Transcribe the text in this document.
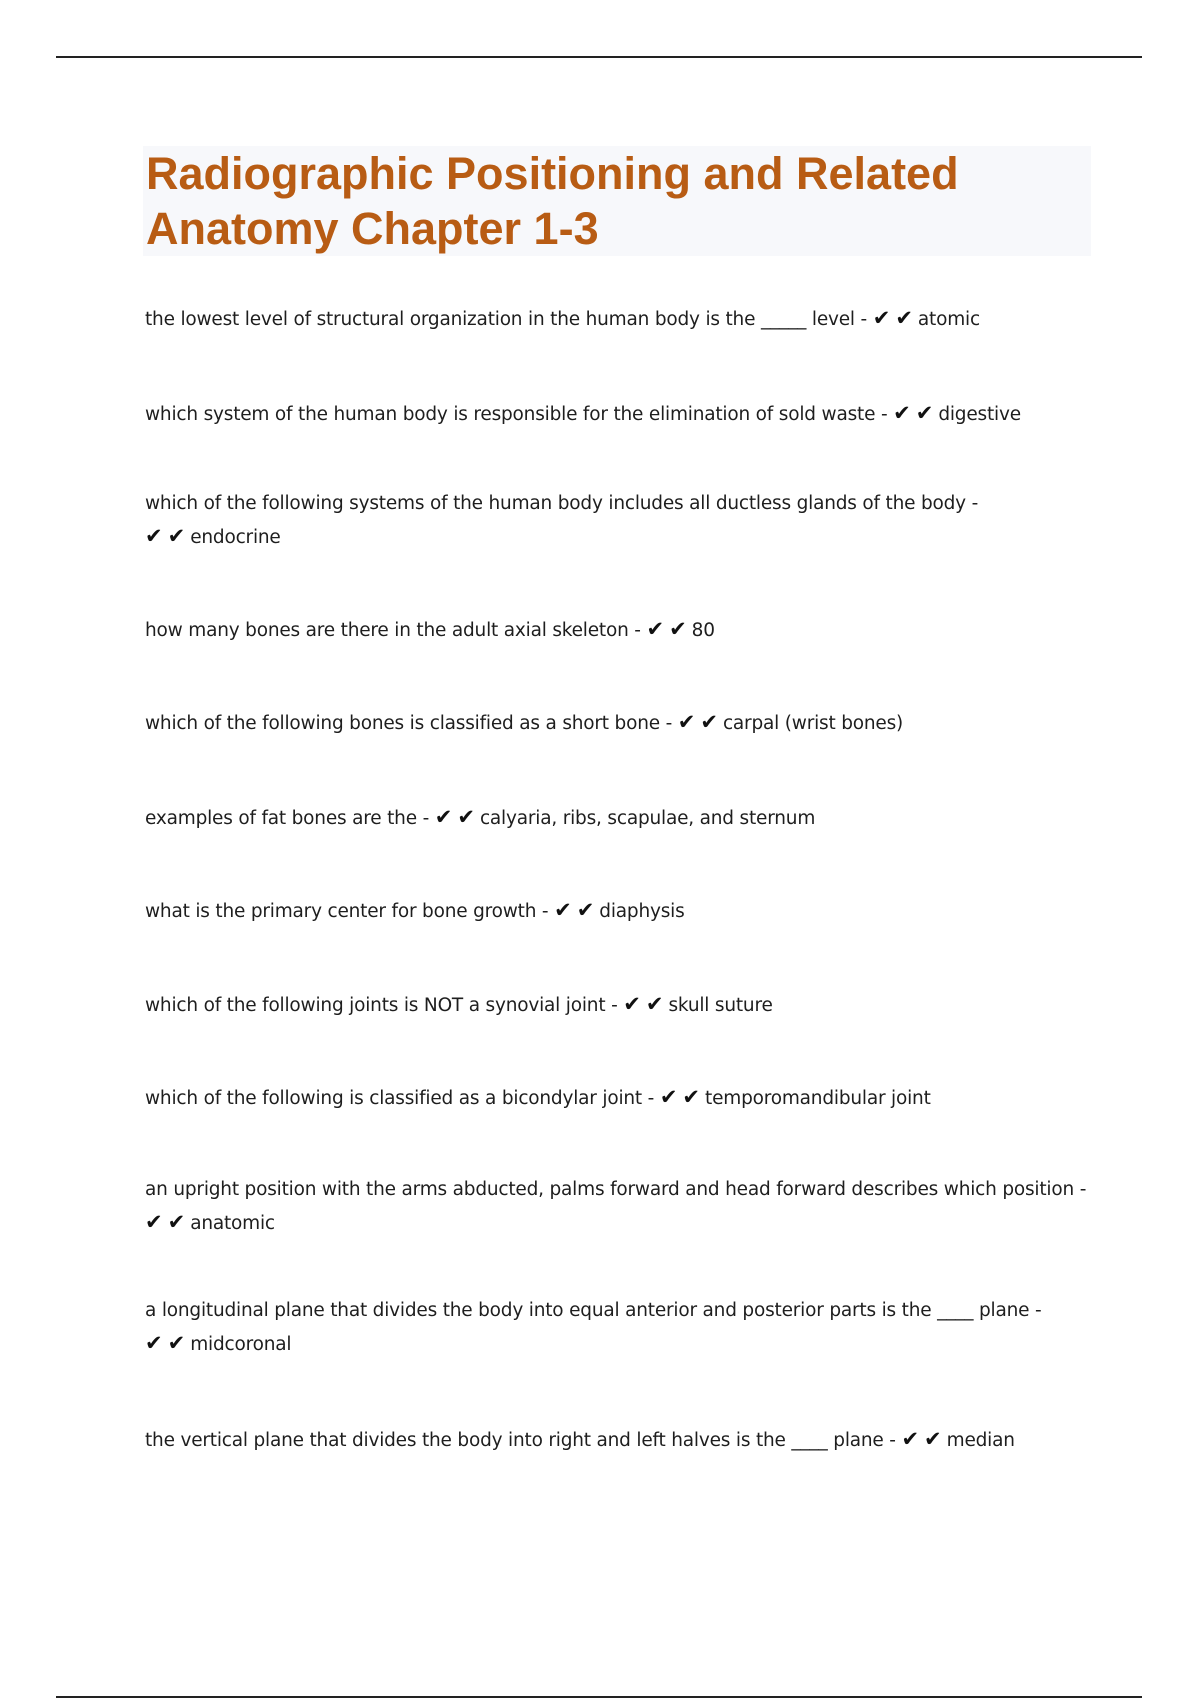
Radiographic Positioning and Related
Anatomy Chapter 1-3
the lowest level of structural organization in the human body is the _____ level - ✔✔atomic
which system of the human body is responsible for the elimination of sold waste - ✔✔digestive
which of the following systems of the human body includes all ductless glands of the body - ✔✔endocrine
how many bones are there in the adult axial skeleton - ✔✔80
which of the following bones is classified as a short bone - ✔✔carpal (wrist bones)
examples of fat bones are the - ✔✔calyaria, ribs, scapulae, and sternum
what is the primary center for bone growth - ✔✔diaphysis
which of the following joints is NOT a synovial joint - ✔✔skull suture
which of the following is classified as a bicondylar joint - ✔✔temporomandibular joint
an upright position with the arms abducted, palms forward and head forward describes which position - ✔✔anatomic
a longitudinal plane that divides the body into equal anterior and posterior parts is the ____ plane - ✔✔midcoronal
the vertical plane that divides the body into right and left halves is the ____ plane - ✔✔median
